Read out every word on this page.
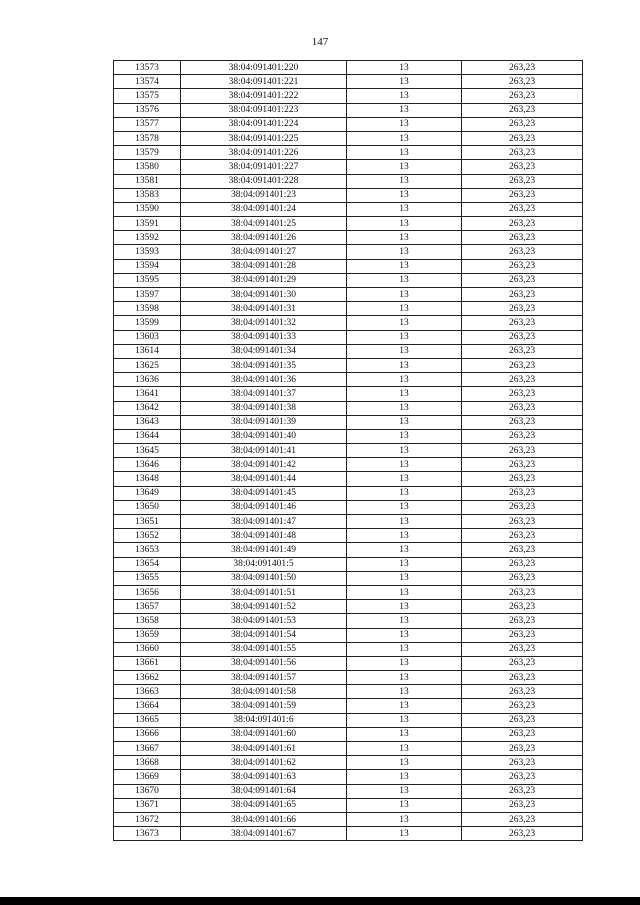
147
13573	38:04:091401:220	13	263,23
13574	38:04:091401:221	13	263,23
13575	38:04:091401:222	13	263,23
13576	38:04:091401:223	13	263,23
13577	38:04:091401:224	13	263,23
13578	38:04:091401:225	13	263,23
13579	38:04:091401:226	13	263,23
13580	38:04:091401:227	13	263,23
13581	38:04:091401:228	13	263,23
13583	38:04:091401:23	13	263,23
13590	38:04:091401:24	13	263,23
13591	38:04:091401:25	13	263,23
13592	38:04:091401:26	13	263,23
13593	38:04:091401:27	13	263,23
13594	38:04:091401:28	13	263,23
13595	38:04:091401:29	13	263,23
13597	38:04:091401:30	13	263,23
13598	38:04:091401:31	13	263,23
13599	38:04:091401:32	13	263,23
13603	38:04:091401:33	13	263,23
13614	38:04:091401:34	13	263,23
13625	38:04:091401:35	13	263,23
13636	38:04:091401:36	13	263,23
13641	38:04:091401:37	13	263,23
13642	38:04:091401:38	13	263,23
13643	38:04:091401:39	13	263,23
13644	38:04:091401:40	13	263,23
13645	38:04:091401:41	13	263,23
13646	38:04:091401:42	13	263,23
13648	38:04:091401:44	13	263,23
13649	38:04:091401:45	13	263,23
13650	38:04:091401:46	13	263,23
13651	38:04:091401:47	13	263,23
13652	38:04:091401:48	13	263,23
13653	38:04:091401:49	13	263,23
13654	38:04:091401:5	13	263,23
13655	38:04:091401:50	13	263,23
13656	38:04:091401:51	13	263,23
13657	38:04:091401:52	13	263,23
13658	38:04:091401:53	13	263,23
13659	38:04:091401:54	13	263,23
13660	38:04:091401:55	13	263,23
13661	38:04:091401:56	13	263,23
13662	38:04:091401:57	13	263,23
13663	38:04:091401:58	13	263,23
13664	38:04:091401:59	13	263,23
13665	38:04:091401:6	13	263,23
13666	38:04:091401:60	13	263,23
13667	38:04:091401:61	13	263,23
13668	38:04:091401:62	13	263,23
13669	38:04:091401:63	13	263,23
13670	38:04:091401:64	13	263,23
13671	38:04:091401:65	13	263,23
13672	38:04:091401:66	13	263,23
13673	38:04:091401:67	13	263,23
